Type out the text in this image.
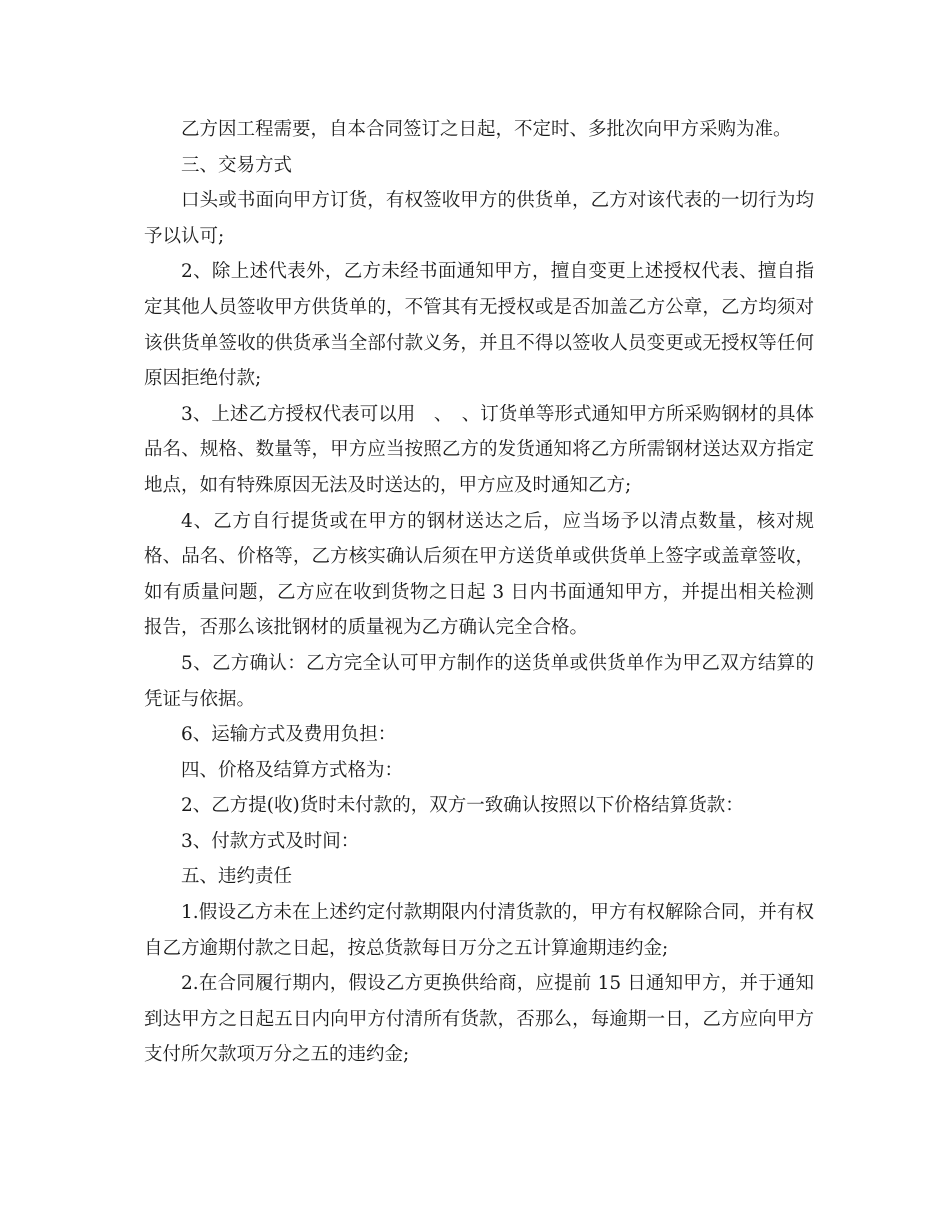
乙方因工程需要，自本合同签订之日起，不定时、多批次向甲方采购为准。

三、交易方式

口头或书面向甲方订货，有权签收甲方的供货单，乙方对该代表的一切行为均予以认可;

2、除上述代表外，乙方未经书面通知甲方，擅自变更上述授权代表、擅自指定其他人员签收甲方供货单的，不管其有无授权或是否加盖乙方公章，乙方均须对该供货单签收的供货承当全部付款义务，并且不得以签收人员变更或无授权等任何原因拒绝付款;

3、上述乙方授权代表可以用　、　、订货单等形式通知甲方所采购钢材的具体品名、规格、数量等，甲方应当按照乙方的发货通知将乙方所需钢材送达双方指定地点，如有特殊原因无法及时送达的，甲方应及时通知乙方;

4、乙方自行提货或在甲方的钢材送达之后，应当场予以清点数量，核对规格、品名、价格等，乙方核实确认后须在甲方送货单或供货单上签字或盖章签收，如有质量问题，乙方应在收到货物之日起 3 日内书面通知甲方，并提出相关检测报告，否那么该批钢材的质量视为乙方确认完全合格。

5、乙方确认：乙方完全认可甲方制作的送货单或供货单作为甲乙双方结算的凭证与依据。

6、运输方式及费用负担：

四、价格及结算方式格为：

2、乙方提(收)货时未付款的，双方一致确认按照以下价格结算货款：

3、付款方式及时间：

五、违约责任

1.假设乙方未在上述约定付款期限内付清货款的，甲方有权解除合同，并有权自乙方逾期付款之日起，按总货款每日万分之五计算逾期违约金;

2.在合同履行期内，假设乙方更换供给商，应提前 15 日通知甲方，并于通知到达甲方之日起五日内向甲方付清所有货款，否那么，每逾期一日，乙方应向甲方支付所欠款项万分之五的违约金;
